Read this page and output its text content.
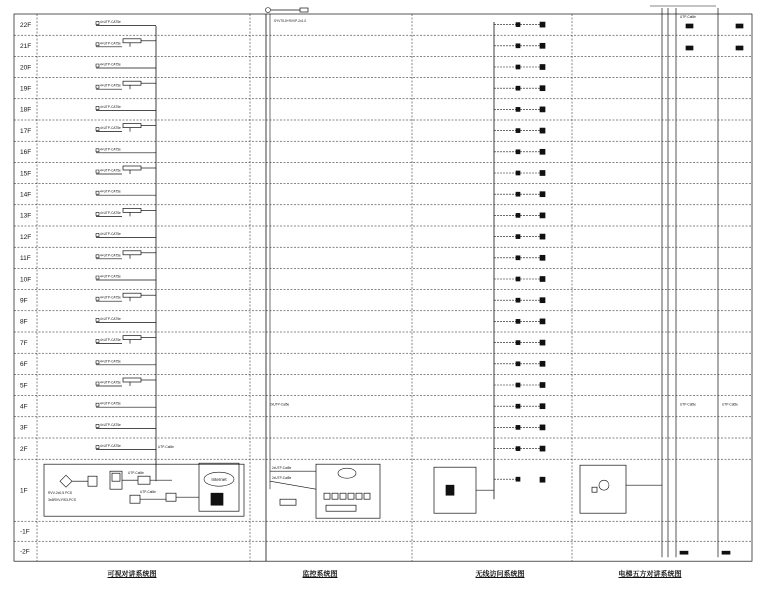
22F
21F
20F
19F
18F
17F
16F
15F
14F
13F
12F
11F
10F
9F
8F
7F
6F
5F
4F
3F
2F
1F
-1F
-2F
4×UTP-CAT5e
4×UTP-CAT5e
4×UTP-CAT5e
4×UTP-CAT5e
4×UTP-CAT5e
4×UTP-CAT5e
4×UTP-CAT5e
4×UTP-CAT5e
4×UTP-CAT5e
4×UTP-CAT5e
4×UTP-CAT5e
4×UTP-CAT5e
4×UTP-CAT5e
4×UTP-CAT5e
4×UTP-CAT5e
4×UTP-CAT5e
4×UTP-CAT5e
4×UTP-CAT5e
4×UTP-CAT5e
4×UTP-CAT5e
4×UTP-CAT5e	UTP-Cat5e
UTP-Cat5e
UTP-Cat5e
Internet
RVV-2x0.5 PCS
3x6RVV-RS3-PCS
SYV75-5+RVVP-2x1.0
2xUTP-Cat5e
2xUTP-Cat5e
2xUTP-Cat5e
UTP-Cat5e
UTP-Cat5e	UTP-Cat5e
可视对讲系统图	监控系统图	无线访问系统图	电梯五方对讲系统图
